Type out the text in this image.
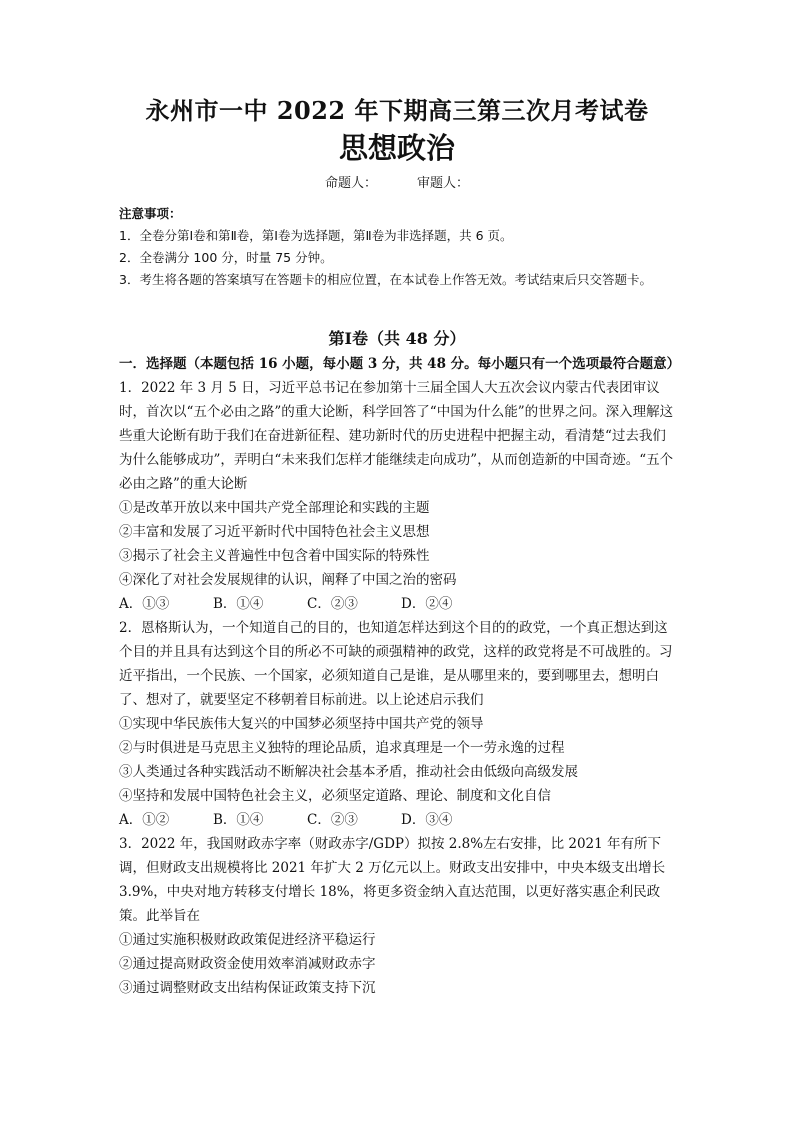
永州市一中 2022 年下期高三第三次月考试卷
思想政治
命题人：	审题人：
注意事项：
1．全卷分第Ⅰ卷和第Ⅱ卷，第Ⅰ卷为选择题，第Ⅱ卷为非选择题，共 6 页。
2．全卷满分 100 分，时量 75 分钟。
3．考生将各题的答案填写在答题卡的相应位置，在本试卷上作答无效。考试结束后只交答题卡。
第Ⅰ卷（共 48 分）

一．选择题（本题包括 16 小题，每小题 3 分，共 48 分。每小题只有一个选项最符合题意）

1．2022 年 3 月 5 日，习近平总书记在参加第十三届全国人大五次会议内蒙古代表团审议时，首次以“五个必由之路”的重大论断，科学回答了“中国为什么能”的世界之问。深入理解这些重大论断有助于我们在奋进新征程、建功新时代的历史进程中把握主动，看清楚“过去我们为什么能够成功”，弄明白“未来我们怎样才能继续走向成功”，从而创造新的中国奇迹。“五个必由之路”的重大论断

①是改革开放以来中国共产党全部理论和实践的主题

②丰富和发展了习近平新时代中国特色社会主义思想

③揭示了社会主义普遍性中包含着中国实际的特殊性

④深化了对社会发展规律的认识，阐释了中国之治的密码

A．①③	B．①④	C．②③	D．②④

2．恩格斯认为，一个知道自己的目的，也知道怎样达到这个目的的政党，一个真正想达到这个目的并且具有达到这个目的所必不可缺的顽强精神的政党，这样的政党将是不可战胜的。习近平指出，一个民族、一个国家，必须知道自己是谁，是从哪里来的，要到哪里去，想明白了、想对了，就要坚定不移朝着目标前进。以上论述启示我们

①实现中华民族伟大复兴的中国梦必须坚持中国共产党的领导

②与时俱进是马克思主义独特的理论品质，追求真理是一个一劳永逸的过程

③人类通过各种实践活动不断解决社会基本矛盾，推动社会由低级向高级发展

④坚持和发展中国特色社会主义，必须坚定道路、理论、制度和文化自信

A．①②	B．①④	C．②③	D．③④

3．2022 年，我国财政赤字率（财政赤字/GDP）拟按 2.8%左右安排，比 2021 年有所下调，但财政支出规模将比 2021 年扩大 2 万亿元以上。财政支出安排中，中央本级支出增长 3.9%，中央对地方转移支付增长 18%，将更多资金纳入直达范围，以更好落实惠企利民政策。此举旨在

①通过实施积极财政政策促进经济平稳运行

②通过提高财政资金使用效率消减财政赤字

③通过调整财政支出结构保证政策支持下沉
